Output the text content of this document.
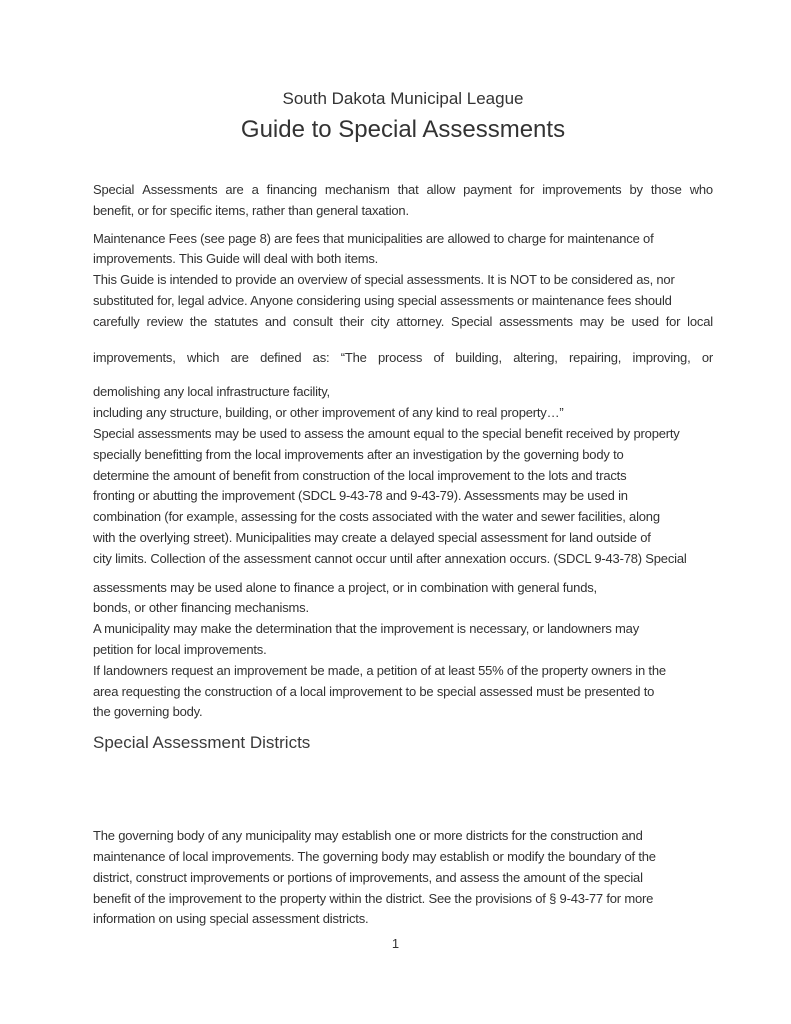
South Dakota Municipal League
Guide to Special Assessments
Special Assessments are a financing mechanism that allow payment for improvements by those who
benefit, or for specific items, rather than general taxation.
Maintenance Fees (see page 8) are fees that municipalities are allowed to charge for maintenance of
improvements. This Guide will deal with both items.
This Guide is intended to provide an overview of special assessments. It is NOT to be considered as, nor
substituted for, legal advice. Anyone considering using special assessments or maintenance fees should
carefully review the statutes and consult their city attorney. Special assessments may be used for local
improvements, which are defined as: “The process of building, altering, repairing, improving, or
demolishing any local infrastructure facility,
including any structure, building, or other improvement of any kind to real property…”
Special assessments may be used to assess the amount equal to the special benefit received by property
specially benefitting from the local improvements after an investigation by the governing body to
determine the amount of benefit from construction of the local improvement to the lots and tracts
fronting or abutting the improvement (SDCL 9-43-78 and 9-43-79). Assessments may be used in
combination (for example, assessing for the costs associated with the water and sewer facilities, along
with the overlying street). Municipalities may create a delayed special assessment for land outside of
city limits. Collection of the assessment cannot occur until after annexation occurs. (SDCL 9-43-78) Special
assessments may be used alone to finance a project, or in combination with general funds,
bonds, or other financing mechanisms.
A municipality may make the determination that the improvement is necessary, or landowners may
petition for local improvements.
If landowners request an improvement be made, a petition of at least 55% of the property owners in the
area requesting the construction of a local improvement to be special assessed must be presented to
the governing body.
Special Assessment Districts
The governing body of any municipality may establish one or more districts for the construction and
maintenance of local improvements. The governing body may establish or modify the boundary of the
district, construct improvements or portions of improvements, and assess the amount of the special
benefit of the improvement to the property within the district. See the provisions of § 9-43-77 for more
information on using special assessment districts.
1
